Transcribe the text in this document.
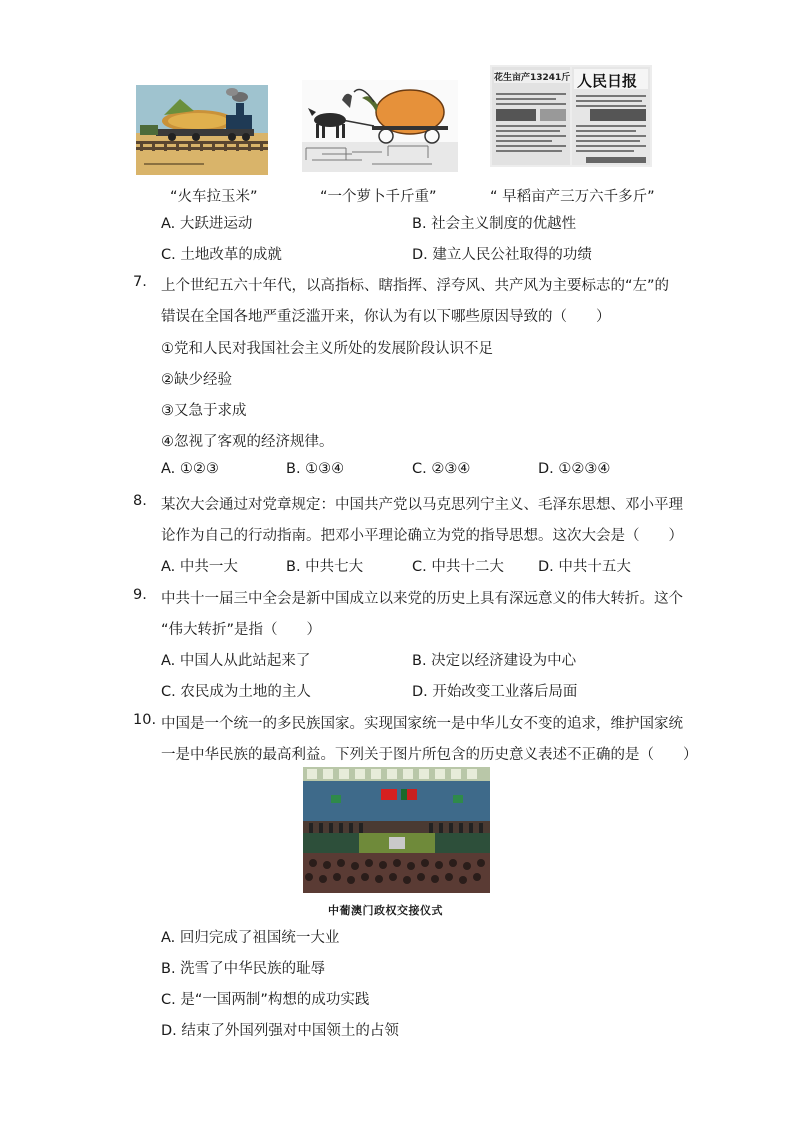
花生亩产13241斤 人民日报
“火车拉玉米”	“一个萝卜千斤重”	“ 早稻亩产三万六千多斤”
A. 大跃进运动	B. 社会主义制度的优越性
C. 土地改革的成就	D. 建立人民公社取得的功绩
7. 上个世纪五六十年代，以高指标、瞎指挥、浮夸风、共产风为主要标志的“左”的
错误在全国各地严重泛滥开来，你认为有以下哪些原因导致的（　　）
①党和人民对我国社会主义所处的发展阶段认识不足
②缺少经验
③又急于求成
④忽视了客观的经济规律。
A. ①②③	B. ①③④	C. ②③④	D. ①②③④
8. 某次大会通过对党章规定：中国共产党以马克思列宁主义、毛泽东思想、邓小平理
论作为自己的行动指南。把邓小平理论确立为党的指导思想。这次大会是（　　）
A. 中共一大	B. 中共七大	C. 中共十二大 D. 中共十五大
9. 中共十一届三中全会是新中国成立以来党的历史上具有深远意义的伟大转折。这个
“伟大转折”是指（　　）
A. 中国人从此站起来了	B. 决定以经济建设为中心
C. 农民成为土地的主人	D. 开始改变工业落后局面
10. 中国是一个统一的多民族国家。实现国家统一是中华儿女不变的追求，维护国家统
一是中华民族的最高利益。下列关于图片所包含的历史意义表述不正确的是（　　）
中葡澳门政权交接仪式
A. 回归完成了祖国统一大业
B. 洗雪了中华民族的耻辱
C. 是“一国两制”构想的成功实践
D. 结束了外国列强对中国领土的占领
